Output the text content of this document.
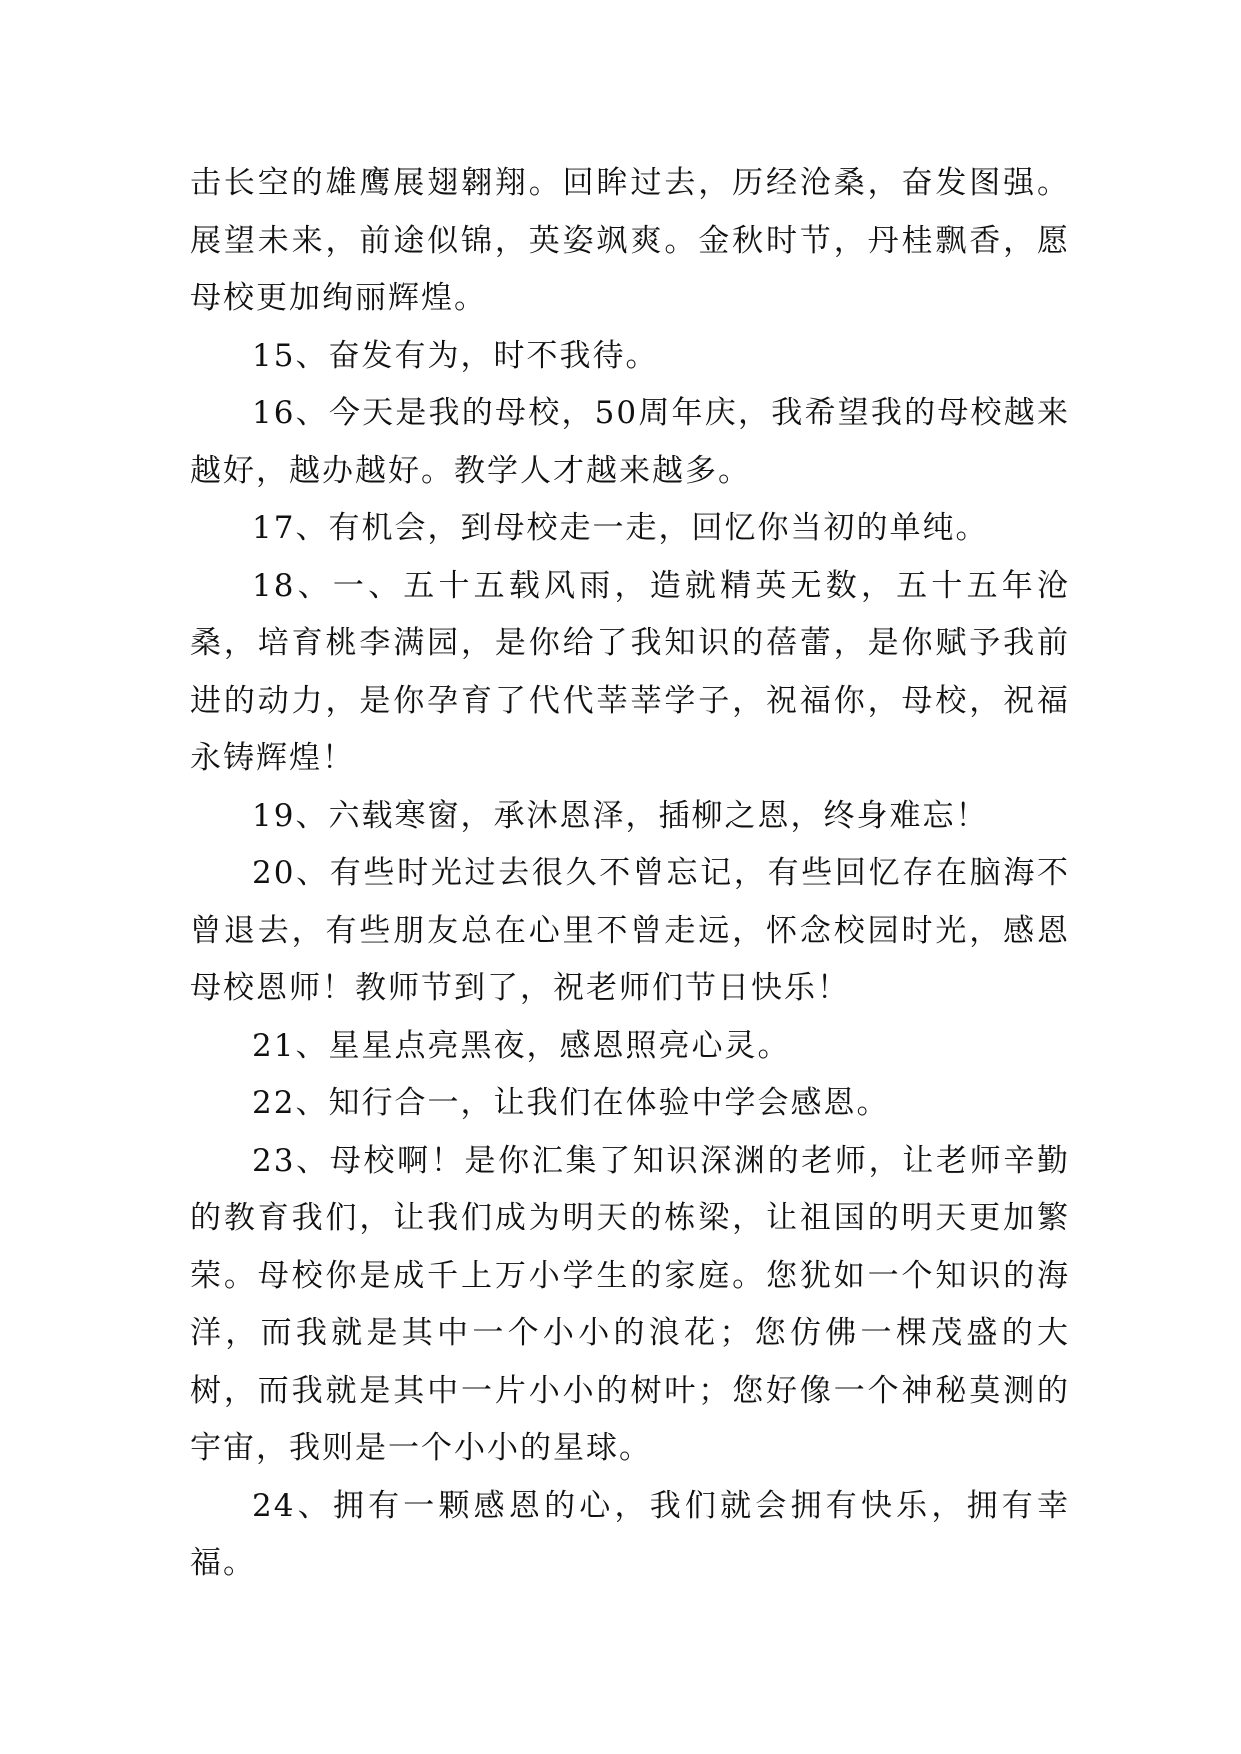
击长空的雄鹰展翅翱翔。回眸过去，历经沧桑，奋发图强。展望未来，前途似锦，英姿飒爽。金秋时节，丹桂飘香，愿母校更加绚丽辉煌。

15、奋发有为，时不我待。

16、今天是我的母校，50周年庆，我希望我的母校越来越好，越办越好。教学人才越来越多。

17、有机会，到母校走一走，回忆你当初的单纯。

18、一、五十五载风雨，造就精英无数，五十五年沧桑，培育桃李满园，是你给了我知识的蓓蕾，是你赋予我前进的动力，是你孕育了代代莘莘学子，祝福你，母校，祝福永铸辉煌！

19、六载寒窗，承沐恩泽，插柳之恩，终身难忘！

20、有些时光过去很久不曾忘记，有些回忆存在脑海不曾退去，有些朋友总在心里不曾走远，怀念校园时光，感恩母校恩师！教师节到了，祝老师们节日快乐！

21、星星点亮黑夜，感恩照亮心灵。

22、知行合一，让我们在体验中学会感恩。

23、母校啊！是你汇集了知识深渊的老师，让老师辛勤的教育我们，让我们成为明天的栋梁，让祖国的明天更加繁荣。母校你是成千上万小学生的家庭。您犹如一个知识的海洋，而我就是其中一个小小的浪花；您仿佛一棵茂盛的大树，而我就是其中一片小小的树叶；您好像一个神秘莫测的宇宙，我则是一个小小的星球。

24、拥有一颗感恩的心，我们就会拥有快乐，拥有幸福。
